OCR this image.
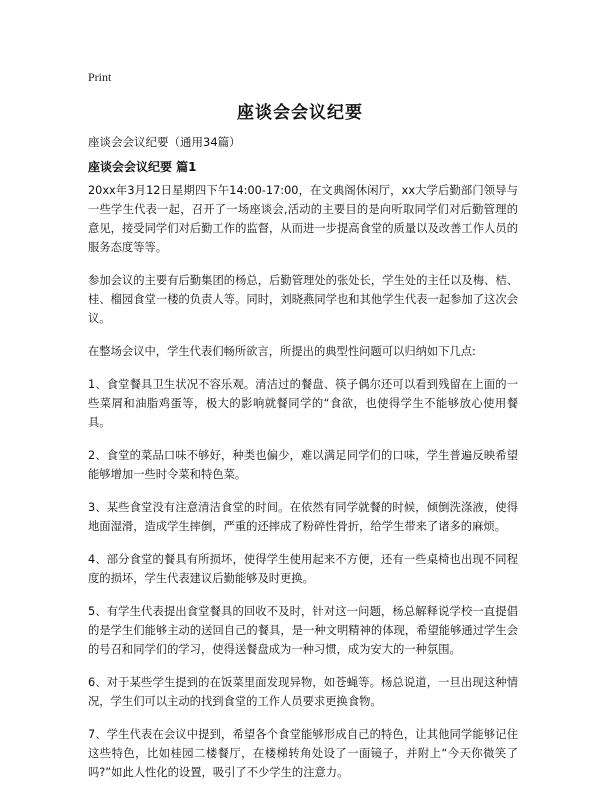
Print
座谈会会议纪要
座谈会会议纪要（通用34篇）
座谈会会议纪要 篇1

20xx年3月12日星期四下午14:00-17:00，在文典阁休闲厅，xx大学后勤部门领导与一些学生代表一起，召开了一场座谈会,活动的主要目的是向听取同学们对后勤管理的意见，接受同学们对后勤工作的监督，从而进一步提高食堂的质量以及改善工作人员的服务态度等等。

参加会议的主要有后勤集团的杨总，后勤管理处的张处长，学生处的主任以及梅、桔、桂、榴园食堂一楼的负责人等。同时，刘晓燕同学也和其他学生代表一起参加了这次会议。

在整场会议中，学生代表们畅所欲言，所提出的典型性问题可以归纳如下几点:

1、食堂餐具卫生状况不容乐观。清洁过的餐盘、筷子偶尔还可以看到残留在上面的一些菜屑和油脂鸡蛋等，极大的影响就餐同学的“食欲，也使得学生不能够放心使用餐具。

2、食堂的菜品口味不够好，种类也偏少，难以满足同学们的口味，学生普遍反映希望能够增加一些时令菜和特色菜。

3、某些食堂没有注意清洁食堂的时间。在依然有同学就餐的时候，倾倒洗涤液，使得地面湿滑，造成学生摔倒，严重的还摔成了粉碎性骨折，给学生带来了诸多的麻烦。

4、部分食堂的餐具有所损坏，使得学生使用起来不方便，还有一些桌椅也出现不同程度的损坏，学生代表建议后勤能够及时更换。

5、有学生代表提出食堂餐具的回收不及时，针对这一问题，杨总解释说学校一直提倡的是学生们能够主动的送回自己的餐具，是一种文明精神的体现，希望能够通过学生会的号召和同学们的学习，使得送餐盘成为一种习惯，成为安大的一种氛围。

6、对于某些学生提到的在饭菜里面发现异物，如苍蝇等。杨总说道，一旦出现这种情况，学生们可以主动的找到食堂的工作人员要求更换食物。

7、学生代表在会议中提到，希望各个食堂能够形成自己的特色，让其他同学能够记住这些特色，比如桂园二楼餐厅，在楼梯转角处设了一面镜子，并附上“今天你微笑了吗?”如此人性化的设置，吸引了不少学生的注意力。
